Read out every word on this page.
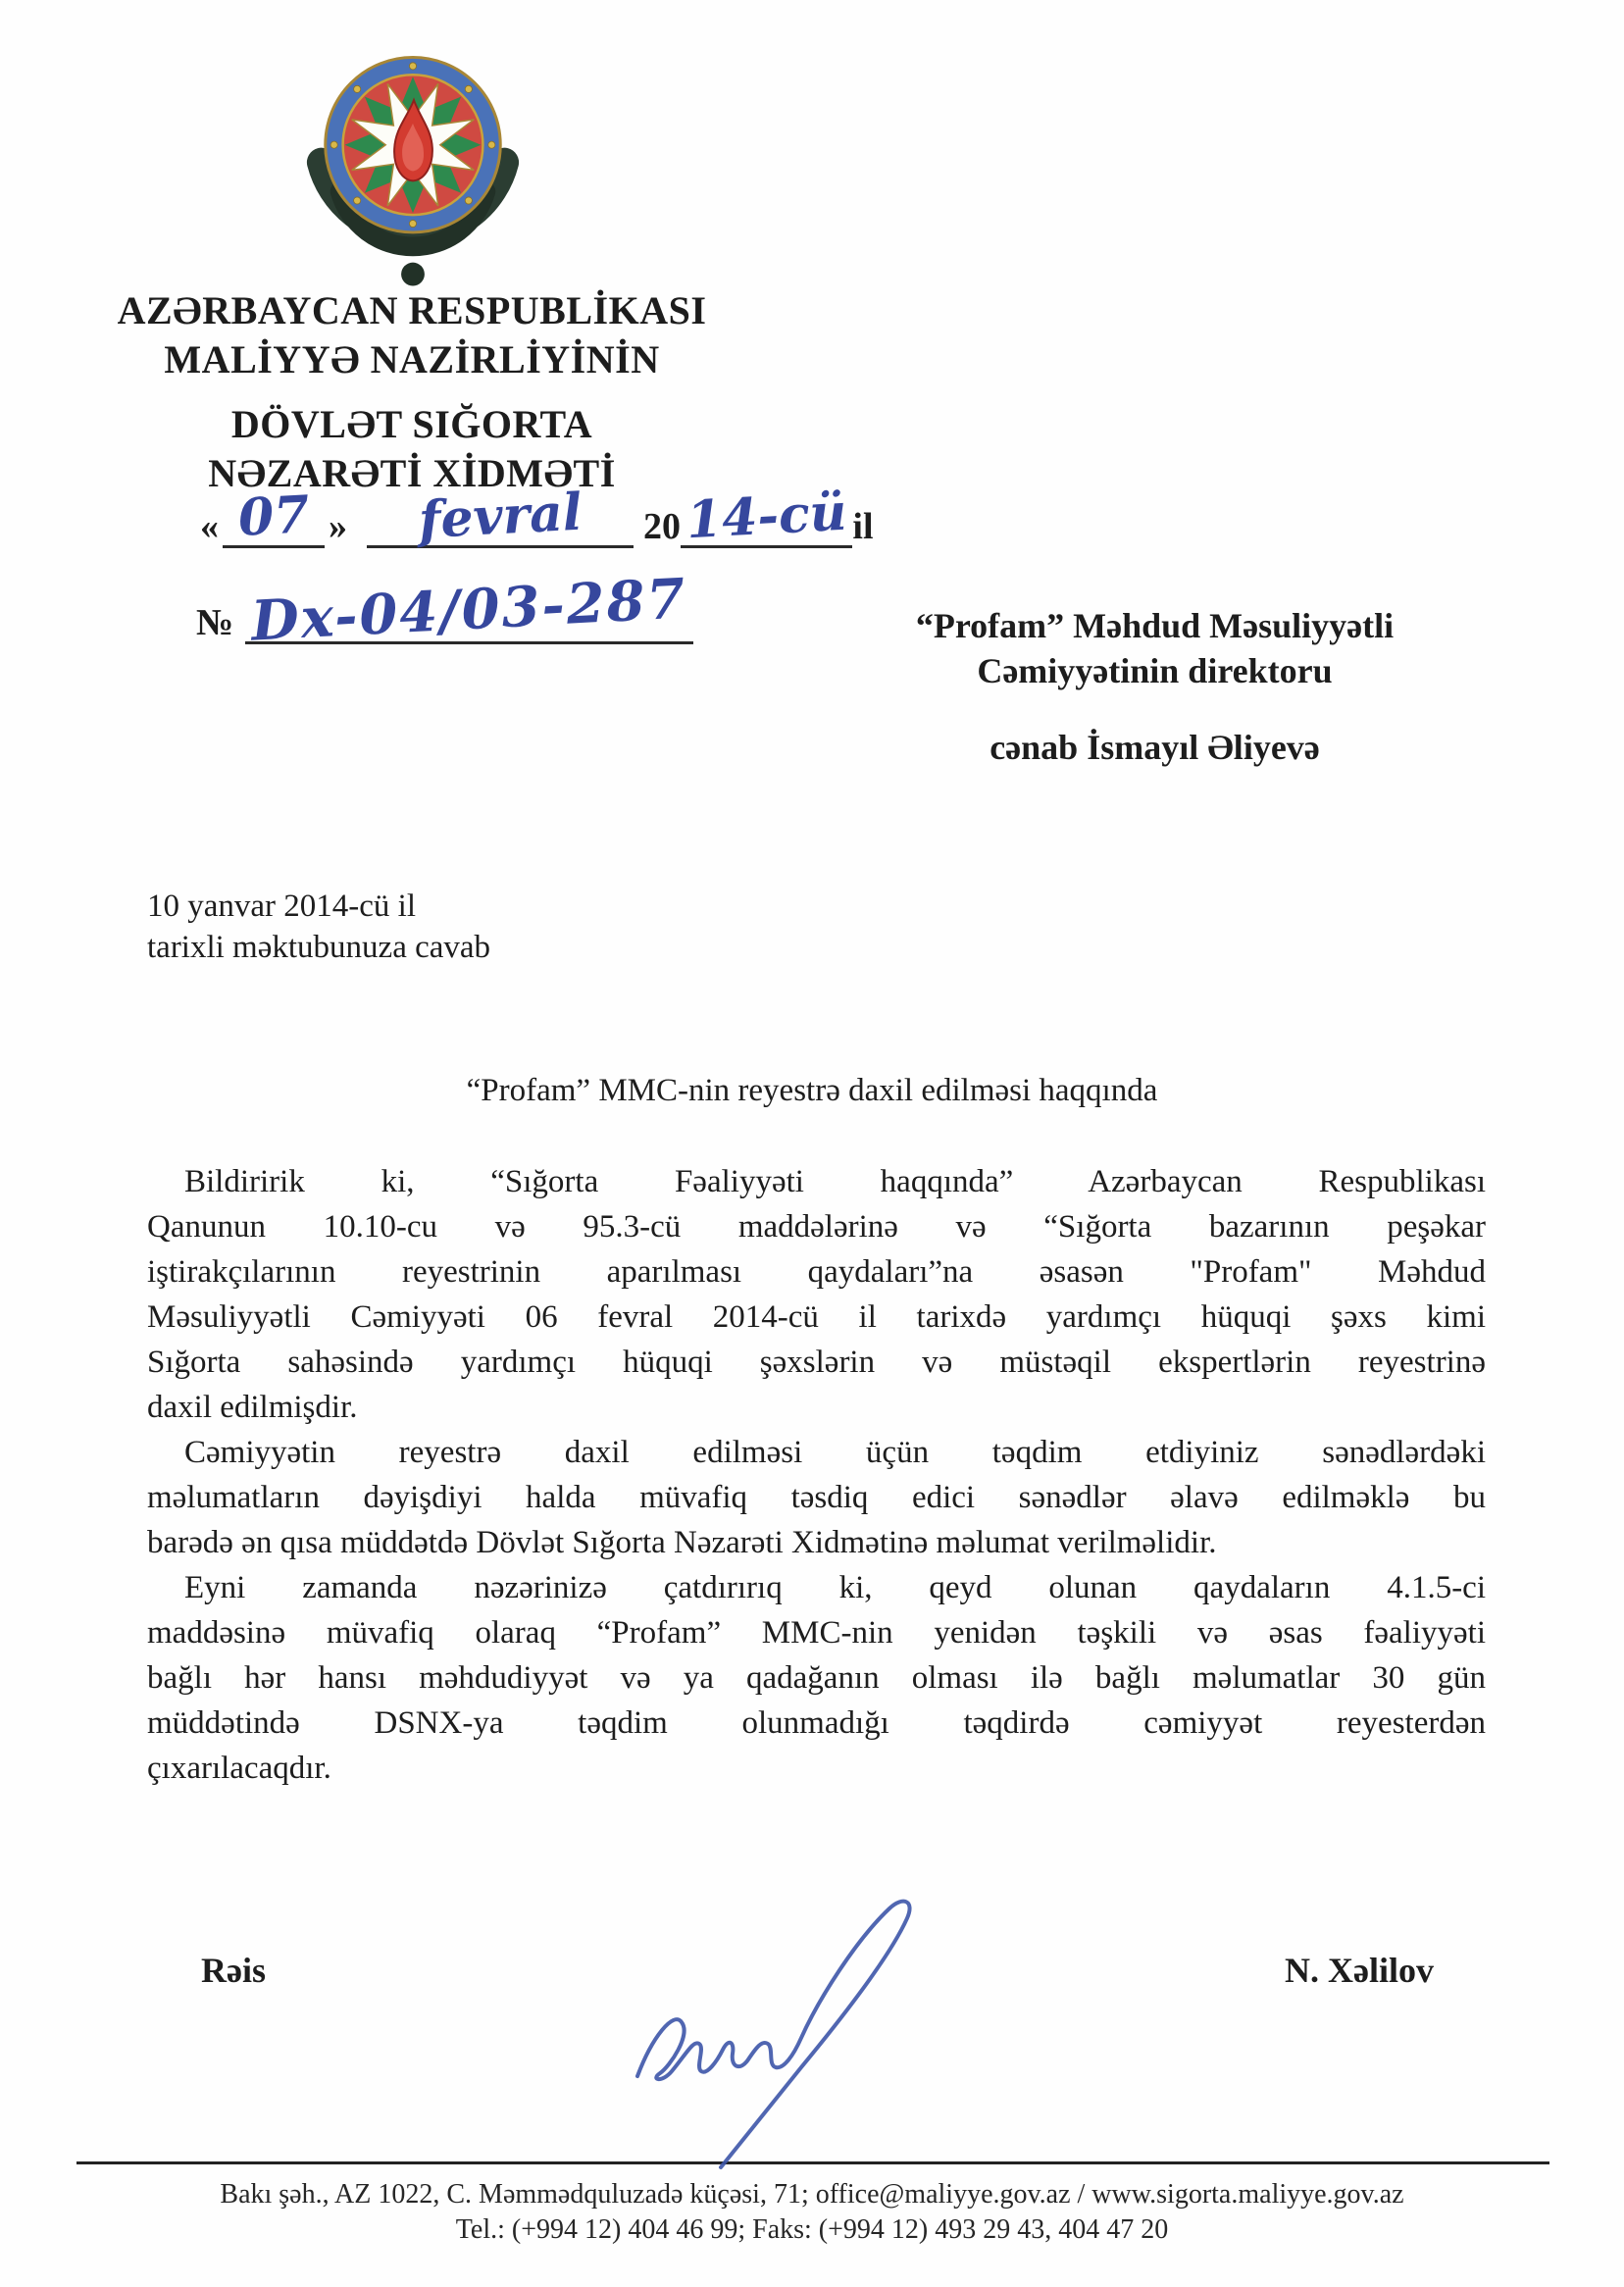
AZƏRBAYCAN RESPUBLİKASI
MALİYYƏ NAZİRLİYİNİN
DÖVLƏT SIĞORTA
NƏZARƏTİ XİDMƏTİ
« 07 »	fevral	20 14-cü il
№ Dx-04/03-287	“Profam” Məhdud Məsuliyyətli
Cəmiyyətinin direktoru
cənab İsmayıl Əliyevə
10 yanvar 2014-cü il
tarixli məktubunuza cavab
“Profam” MMC-nin reyestrə daxil edilməsi haqqında
Bildiririk ki, “Sığorta Fəaliyyəti haqqında” Azərbaycan Respublikası
Qanunun 10.10-cu və 95.3-cü maddələrinə və “Sığorta bazarının peşəkar
iştirakçılarının reyestrinin aparılması qaydaları”na əsasən "Profam" Məhdud
Məsuliyyətli Cəmiyyəti 06 fevral 2014-cü il tarixdə yardımçı hüquqi şəxs kimi
Sığorta sahəsində yardımçı hüquqi şəxslərin və müstəqil ekspertlərin reyestrinə
daxil edilmişdir.
Cəmiyyətin reyestrə daxil edilməsi üçün təqdim etdiyiniz sənədlərdəki
məlumatların dəyişdiyi halda müvafiq təsdiq edici sənədlər əlavə edilməklə bu
barədə ən qısa müddətdə Dövlət Sığorta Nəzarəti Xidmətinə məlumat verilməlidir.
Eyni zamanda nəzərinizə çatdırırıq ki, qeyd olunan qaydaların 4.1.5-ci
maddəsinə müvafiq olaraq “Profam” MMC-nin yenidən təşkili və əsas fəaliyyəti
bağlı hər hansı məhdudiyyət və ya qadağanın olması ilə bağlı məlumatlar 30 gün
müddətində DSNX-ya təqdim olunmadığı təqdirdə cəmiyyət reyesterdən
çıxarılacaqdır.
Rəis	N. Xəlilov
Bakı şəh., AZ 1022, C. Məmmədquluzadə küçəsi, 71; office@maliyye.gov.az / www.sigorta.maliyye.gov.az
Tel.: (+994 12) 404 46 99; Faks: (+994 12) 493 29 43, 404 47 20
